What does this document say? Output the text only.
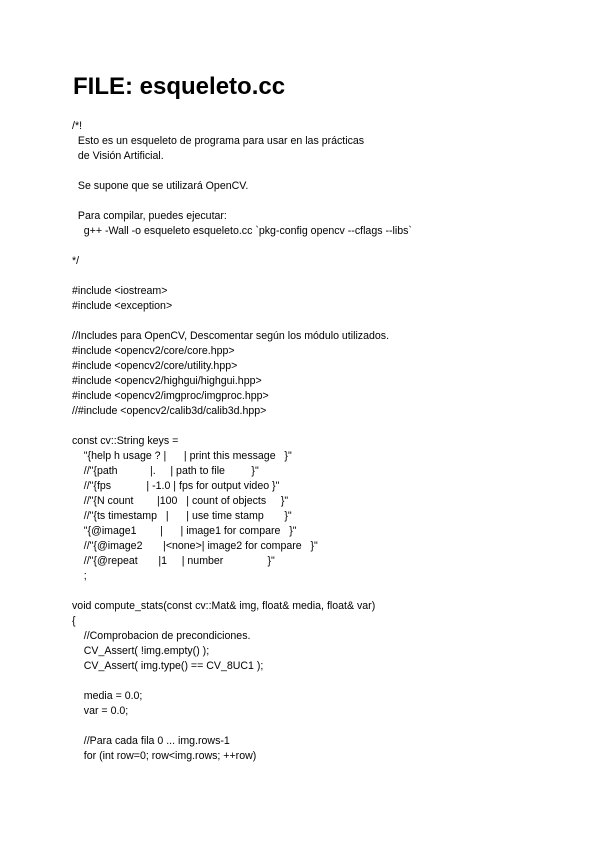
FILE: esqueleto.cc
/*!
Esto es un esqueleto de programa para usar en las prácticas
de Visión Artificial.
Se supone que se utilizará OpenCV.
Para compilar, puedes ejecutar:
g++ -Wall -o esqueleto esqueleto.cc `pkg-config opencv --cflags --libs`
*/
#include <iostream>
#include <exception>
//Includes para OpenCV, Descomentar según los módulo utilizados.
#include <opencv2/core/core.hpp>
#include <opencv2/core/utility.hpp>
#include <opencv2/highgui/highgui.hpp>
#include <opencv2/imgproc/imgproc.hpp>
//#include <opencv2/calib3d/calib3d.hpp>
const cv::String keys =
"{help h usage ? |      | print this message   }"
//"{path           |.     | path to file         }"
//"{fps            | -1.0 | fps for output video }"
//"{N count        |100   | count of objects     }"
//"{ts timestamp   |      | use time stamp       }"
"{@image1        |      | image1 for compare   }"
//"{@image2       |<none>| image2 for compare   }"
//"{@repeat       |1     | number               }"
;
void compute_stats(const cv::Mat& img, float& media, float& var)
{
//Comprobacion de precondiciones.
CV_Assert( !img.empty() );
CV_Assert( img.type() == CV_8UC1 );
media = 0.0;
var = 0.0;
//Para cada fila 0 ... img.rows-1
for (int row=0; row<img.rows; ++row)
